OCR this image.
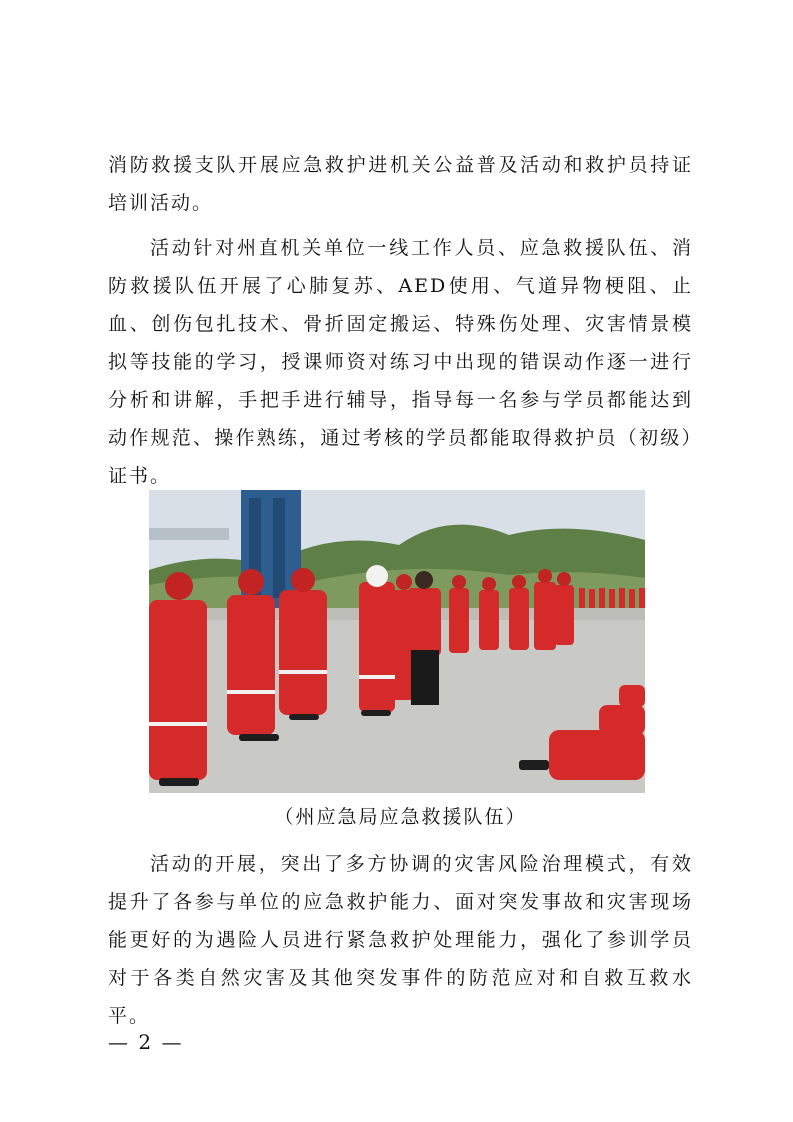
消防救援支队开展应急救护进机关公益普及活动和救护员持证培训活动。

活动针对州直机关单位一线工作人员、应急救援队伍、消防救援队伍开展了心肺复苏、AED使用、气道异物梗阻、止血、创伤包扎技术、骨折固定搬运、特殊伤处理、灾害情景模拟等技能的学习，授课师资对练习中出现的错误动作逐一进行分析和讲解，手把手进行辅导，指导每一名参与学员都能达到动作规范、操作熟练，通过考核的学员都能取得救护员（初级）证书。

（州应急局应急救援队伍）

活动的开展，突出了多方协调的灾害风险治理模式，有效提升了各参与单位的应急救护能力、面对突发事故和灾害现场能更好的为遇险人员进行紧急救护处理能力，强化了参训学员对于各类自然灾害及其他突发事件的防范应对和自救互救水平。

— 2 —
